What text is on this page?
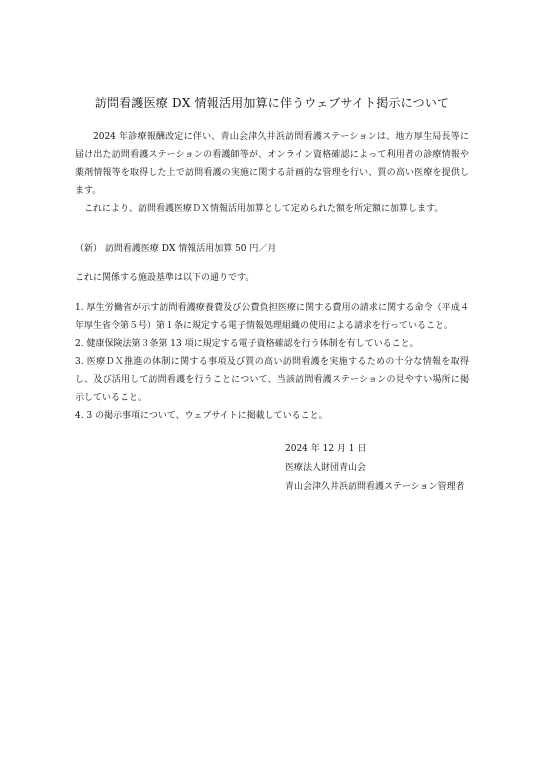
訪問看護医療 DX 情報活用加算に伴うウェブサイト掲示について
2024 年診療報酬改定に伴い、青山会津久井浜訪問看護ステーションは、地方厚生局長等に届け出た訪問看護ステーションの看護師等が、オンライン資格確認によって利用者の診療情報や薬剤情報等を取得した上で訪問看護の実施に関する計画的な管理を行い、質の高い医療を提供します。
これにより、訪問看護医療ＤＸ情報活用加算として定められた額を所定額に加算します。
（新） 訪問看護医療 DX 情報活用加算 50 円／月
これに関係する施設基準は以下の通りです。
1. 厚生労働省が示す訪問看護療養費及び公費負担医療に関する費用の請求に関する命令（平成４年厚生省令第５号）第１条に規定する電子情報処理組織の使用による請求を行っていること。
2. 健康保険法第３条第 13 項に規定する電子資格確認を行う体制を有していること。
3. 医療ＤＸ推進の体制に関する事項及び質の高い訪問看護を実施するための十分な情報を取得し、及び活用して訪問看護を行うことについて、当該訪問看護ステーションの見やすい場所に掲示していること。
4. 3 の掲示事項について、ウェブサイトに掲載していること。
2024 年 12 月 1 日
医療法人財団青山会
青山会津久井浜訪問看護ステーション管理者
